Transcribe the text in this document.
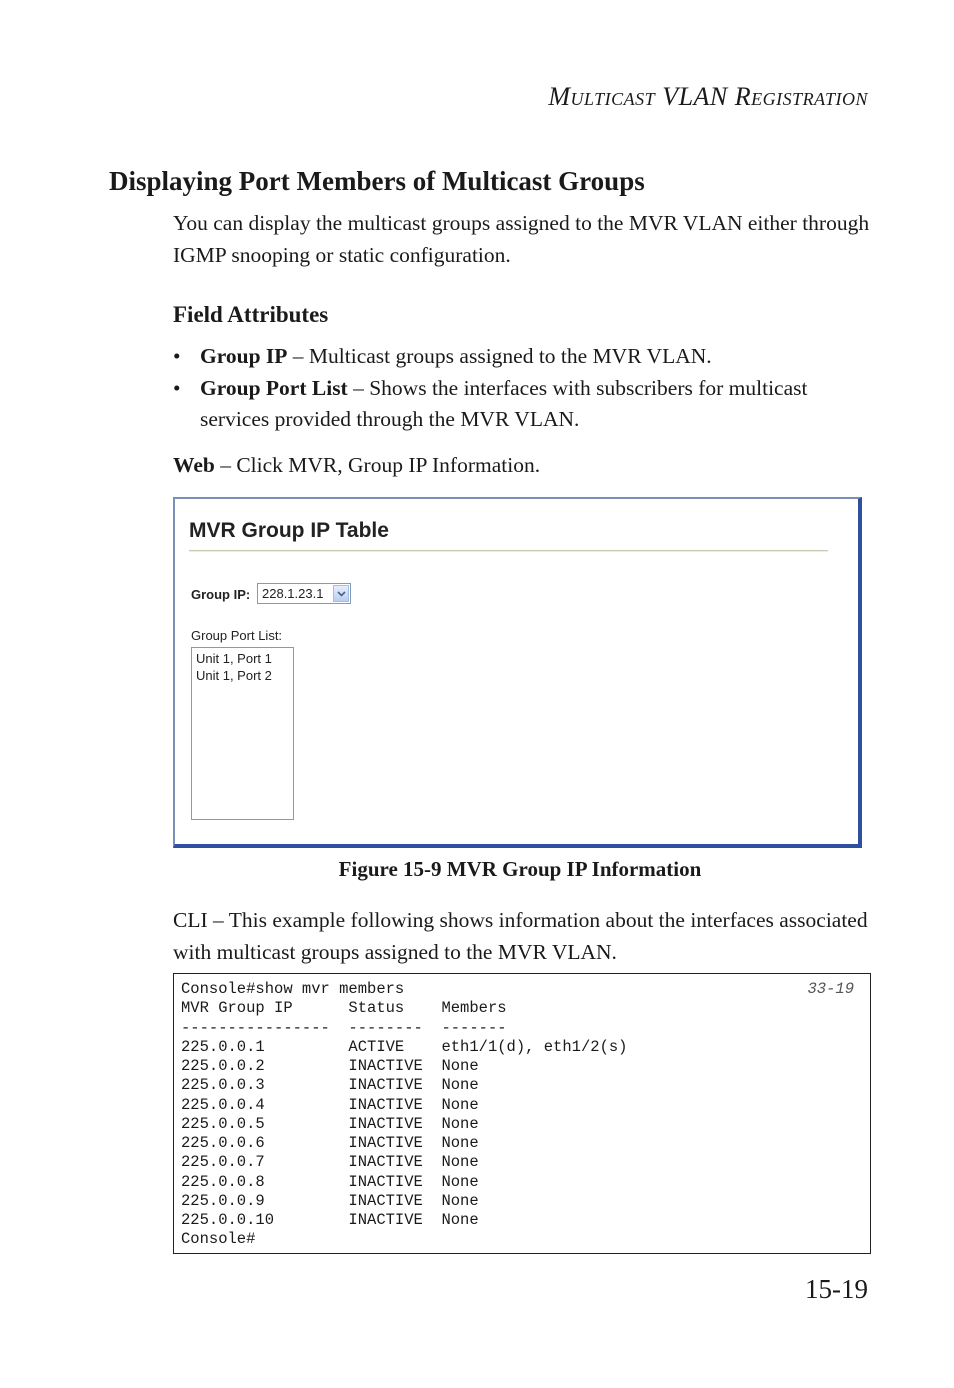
MULTICAST VLAN REGISTRATION
Displaying Port Members of Multicast Groups
You can display the multicast groups assigned to the MVR VLAN either through IGMP snooping or static configuration.
Field Attributes
• Group IP – Multicast groups assigned to the MVR VLAN.
• Group Port List – Shows the interfaces with subscribers for multicast services provided through the MVR VLAN.
Web – Click MVR, Group IP Information.
MVR Group IP Table
Group IP: 228.1.23.1
Group Port List:
Unit 1, Port 1
Unit 1, Port 2
Figure 15-9 MVR Group IP Information
CLI – This example following shows information about the interfaces associated with multicast groups assigned to the MVR VLAN.
Console#show mvr members
MVR Group IP      Status    Members
----------------  --------  -------
225.0.0.1         ACTIVE    eth1/1(d), eth1/2(s)
225.0.0.2         INACTIVE  None
225.0.0.3         INACTIVE  None
225.0.0.4         INACTIVE  None
225.0.0.5         INACTIVE  None
225.0.0.6         INACTIVE  None
225.0.0.7         INACTIVE  None
225.0.0.8         INACTIVE  None
225.0.0.9         INACTIVE  None
225.0.0.10        INACTIVE  None
Console#
33-19
15-19
